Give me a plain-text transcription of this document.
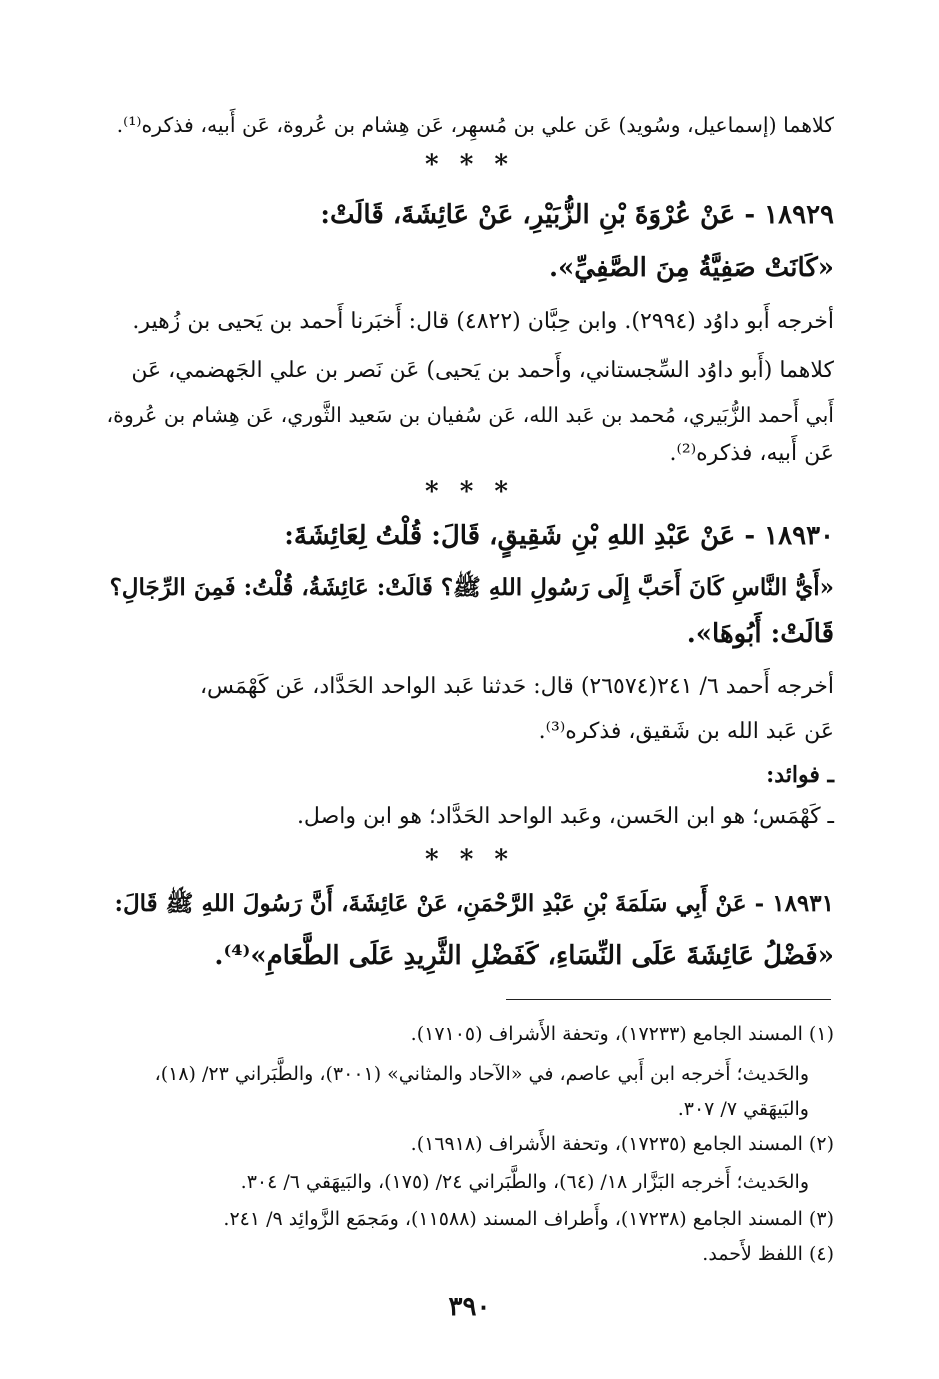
كلاهما (إسماعيل، وسُويد) عَن علي بن مُسهِر، عَن هِشام بن عُروة، عَن أَبيه، فذكره⁽¹⁾.
* * *
١٨٩٢٩ - عَنْ عُرْوَةَ بْنِ الزُّبَيْرِ، عَنْ عَائِشَةَ، قَالَتْ:
«كَانَتْ صَفِيَّةُ مِنَ الصَّفِيِّ».
أخرجه أَبو داوُد (٢٩٩٤). وابن حِبَّان (٤٨٢٢) قال: أَخبَرنا أَحمد بن يَحيى بن زُهير.
كلاهما (أَبو داوُد السِّجستاني، وأَحمد بن يَحيى) عَن نَصر بن علي الجَهضمي، عَن
أَبي أَحمد الزُّبَيري، مُحمد بن عَبد الله، عَن سُفيان بن سَعيد الثَّوري، عَن هِشام بن عُروة،
عَن أَبيه، فذكره⁽²⁾.
* * *
١٨٩٣٠ - عَنْ عَبْدِ اللهِ بْنِ شَقِيقٍ، قَالَ: قُلْتُ لِعَائِشَةَ:
«أَيُّ النَّاسِ كَانَ أَحَبَّ إِلَى رَسُولِ اللهِ ﷺ؟ قَالَتْ: عَائِشَةُ، قُلْتُ: فَمِنَ الرِّجَالِ؟
قَالَتْ: أَبُوهَا».
أخرجه أَحمد ٦/ ٢٤١(٢٦٥٧٤) قال: حَدثنا عَبد الواحد الحَدَّاد، عَن كَهْمَس،
عَن عَبد الله بن شَقيق، فذكره⁽³⁾.
ـ فوائد:
ـ كَهْمَس؛ هو ابن الحَسن، وعَبد الواحد الحَدَّاد؛ هو ابن واصل.
* * *
١٨٩٣١ - عَنْ أَبِي سَلَمَةَ بْنِ عَبْدِ الرَّحْمَنِ، عَنْ عَائِشَةَ، أَنَّ رَسُولَ اللهِ ﷺ قَالَ:
«فَضْلُ عَائِشَةَ عَلَى النِّسَاءِ، كَفَضْلِ الثَّرِيدِ عَلَى الطَّعَامِ»⁽⁴⁾.
(١) المسند الجامع (١٧٢٣٣)، وتحفة الأَشراف (١٧١٠٥).
والحَديث؛ أَخرجه ابن أَبي عاصم، في «الآحاد والمثاني» (٣٠٠١)، والطَّبَراني ٢٣/ (١٨)،
والبَيهَقي ٧/ ٣٠٧.
(٢) المسند الجامع (١٧٢٣٥)، وتحفة الأَشراف (١٦٩١٨).
والحَديث؛ أَخرجه البَزَّار ١٨/ (٦٤)، والطَّبَراني ٢٤/ (١٧٥)، والبَيهَقي ٦/ ٣٠٤.
(٣) المسند الجامع (١٧٢٣٨)، وأَطراف المسند (١١٥٨٨)، ومَجمَع الزَّوائِد ٩/ ٢٤١.
(٤) اللفظ لأَحمد.
٣٩٠
